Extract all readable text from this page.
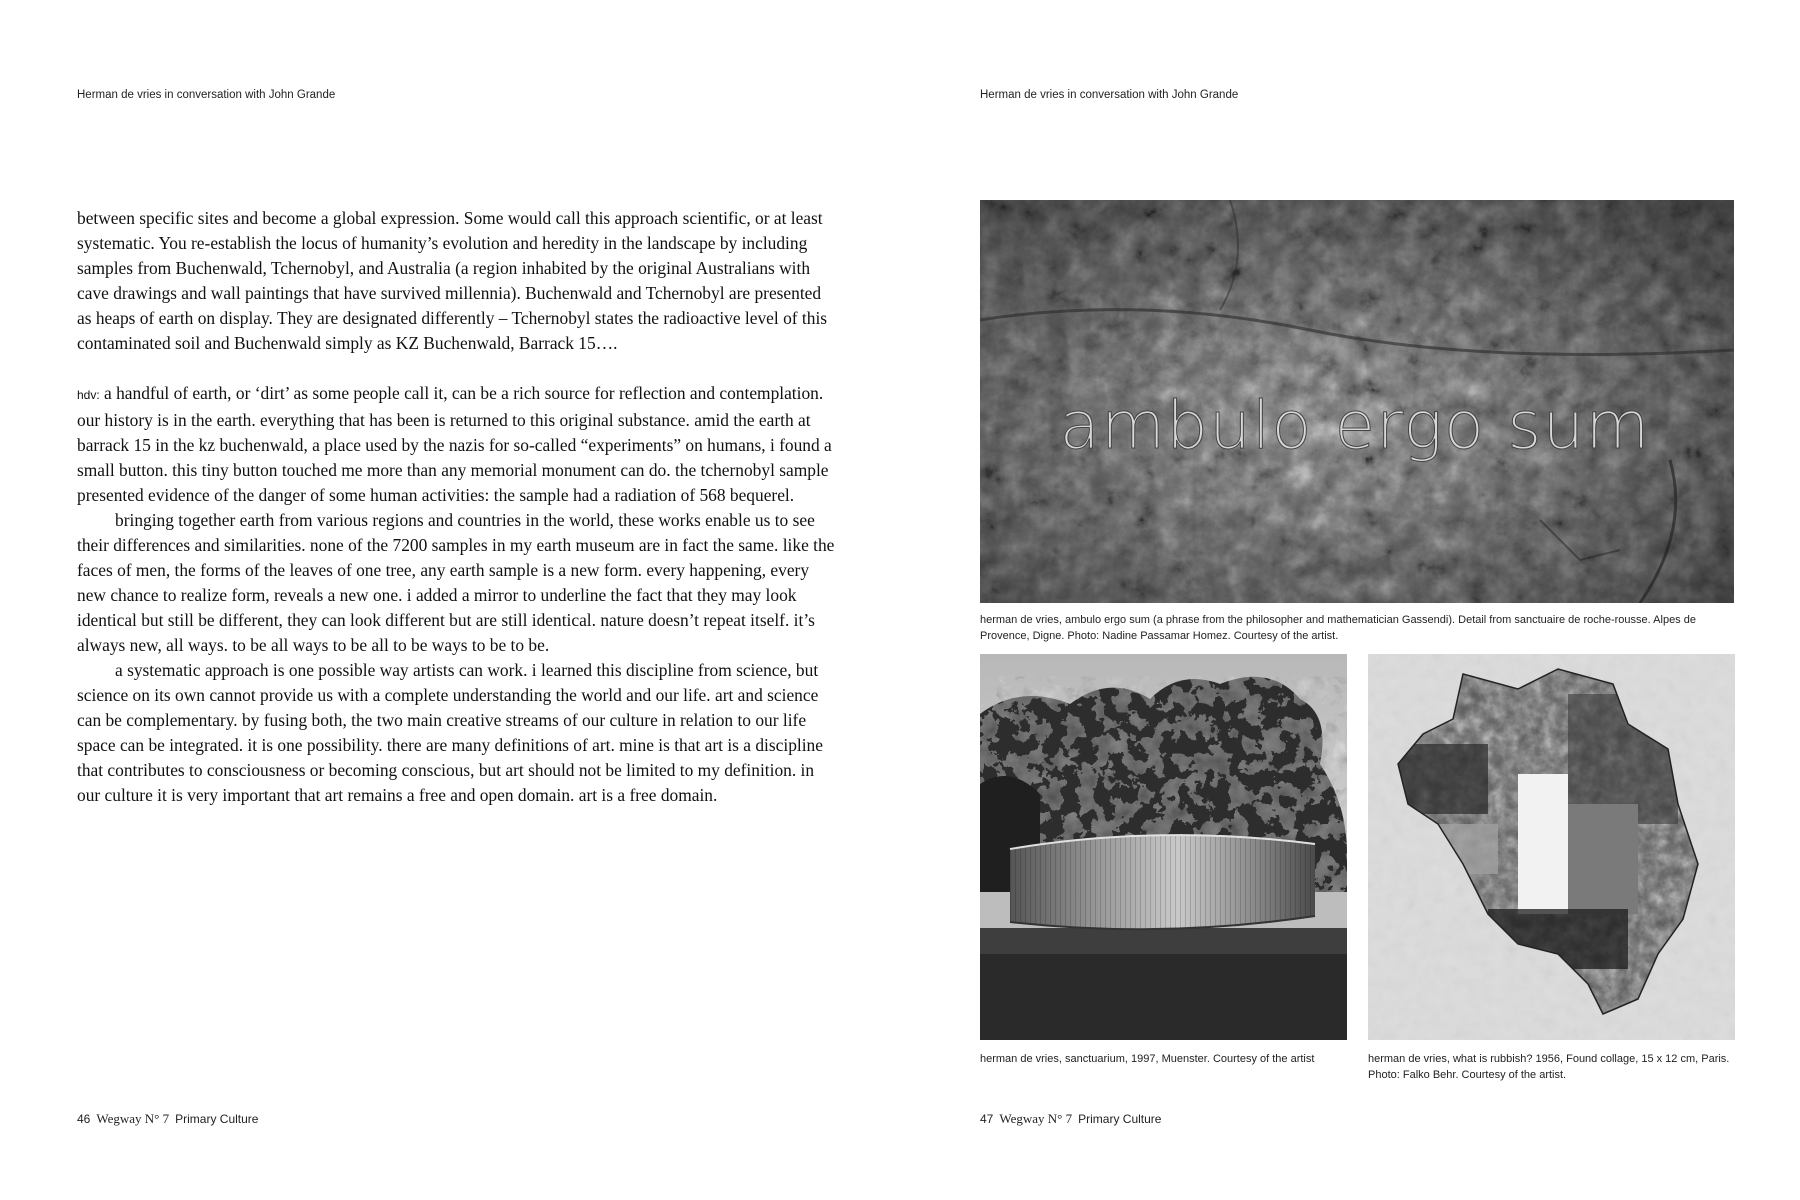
Herman de vries in conversation with John Grande

between specific sites and become a global expression. Some would call this approach scientific, or at least systematic. You re-establish the locus of humanity’s evolution and heredity in the landscape by including samples from Buchenwald, Tchernobyl, and Australia (a region inhabited by the original Australians with cave drawings and wall paintings that have survived millennia). Buchenwald and Tchernobyl are presented as heaps of earth on display. They are designated differently – Tchernobyl states the radioactive level of this contaminated soil and Buchenwald simply as KZ Buchenwald, Barrack 15….

hdv: a handful of earth, or ‘dirt’ as some people call it, can be a rich source for reflection and contemplation. our history is in the earth. everything that has been is returned to this original substance. amid the earth at barrack 15 in the kz buchenwald, a place used by the nazis for so-called “experiments” on humans, i found a small button. this tiny button touched me more than any memorial monument can do. the tchernobyl sample presented evidence of the danger of some human activities: the sample had a radiation of 568 bequerel.

bringing together earth from various regions and countries in the world, these works enable us to see their differences and similarities. none of the 7200 samples in my earth museum are in fact the same. like the faces of men, the forms of the leaves of one tree, any earth sample is a new form. every happening, every new chance to realize form, reveals a new one. i added a mirror to underline the fact that they may look identical but still be different, they can look different but are still identical. nature doesn’t repeat itself. it’s always new, all ways. to be all ways to be all to be ways to be to be.

a systematic approach is one possible way artists can work. i learned this discipline from science, but science on its own cannot provide us with a complete understanding the world and our life. art and science can be complementary. by fusing both, the two main creative streams of our culture in relation to our life space can be integrated. it is one possibility. there are many definitions of art. mine is that art is a discipline that contributes to consciousness or becoming conscious, but art should not be limited to my definition. in our culture it is very important that art remains a free and open domain. art is a free domain.

46 Wegway N° 7 Primary Culture
Herman de vries in conversation with John Grande
47 Wegway N° 7 Primary Culture
ambulo ergo sum
herman de vries, ambulo ergo sum (a phrase from the philosopher and mathematician Gassendi). Detail from sanctuaire de roche-rousse. Alpes de Provence, Digne. Photo: Nadine Passamar Homez. Courtesy of the artist.
herman de vries, sanctuarium, 1997, Muenster. Courtesy of the artist	herman de vries, what is rubbish? 1956, Found collage, 15 x 12 cm, Paris. Photo: Falko Behr. Courtesy of the artist.
